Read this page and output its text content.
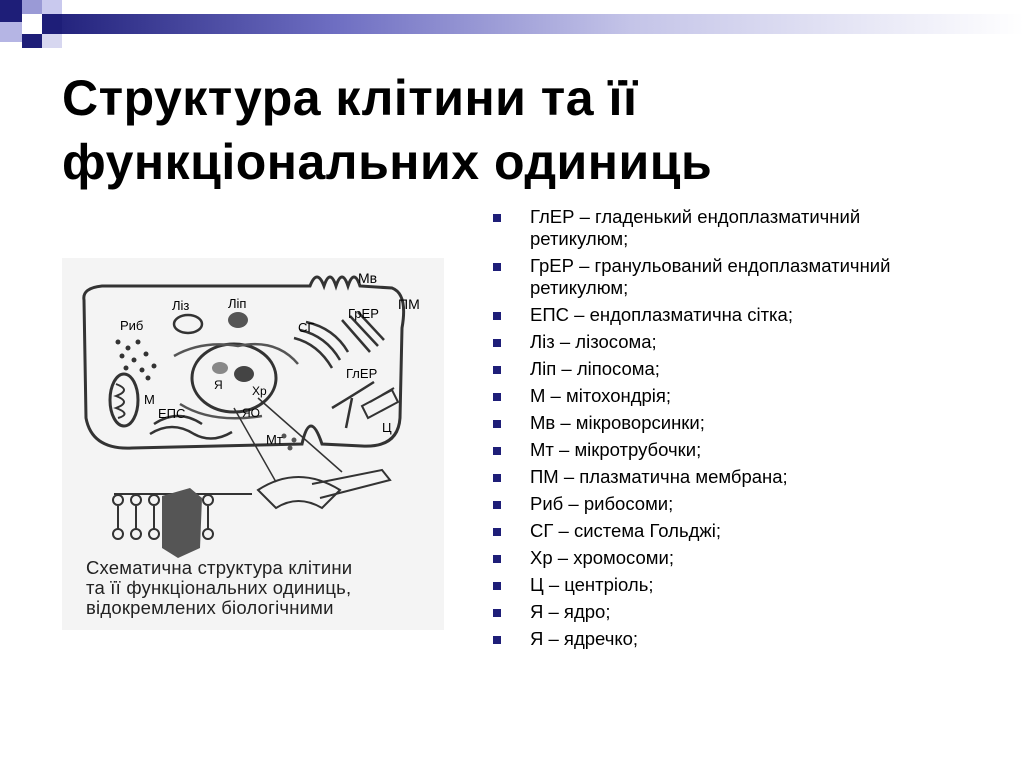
Структура клітини та її
функціональних одиниць
Мв
ПМ
Ліз	Ліп
Риб	СГ
ГрЕР
ГлЕР
М
ЕПС
Я Хр
ЯО
Мт
Ц
Схематична структура клітини
та її функціональних одиниць,
відокремлених біологічними
ГлЕР – гладенький ендоплазматичний ретикулюм;
ГрЕР – гранульований ендоплазматичний ретикулюм;
ЕПС – ендоплазматична сітка;
Ліз – лізосома;
Ліп – ліпосома;
М – мітохондрія;
Мв – мікроворсинки;
Мт – мікротрубочки;
ПМ – плазматична мембрана;
Риб – рибосоми;
СГ – система Гольджі;
Хр – хромосоми;
Ц – центріоль;
Я – ядро;
Я – ядречко;
